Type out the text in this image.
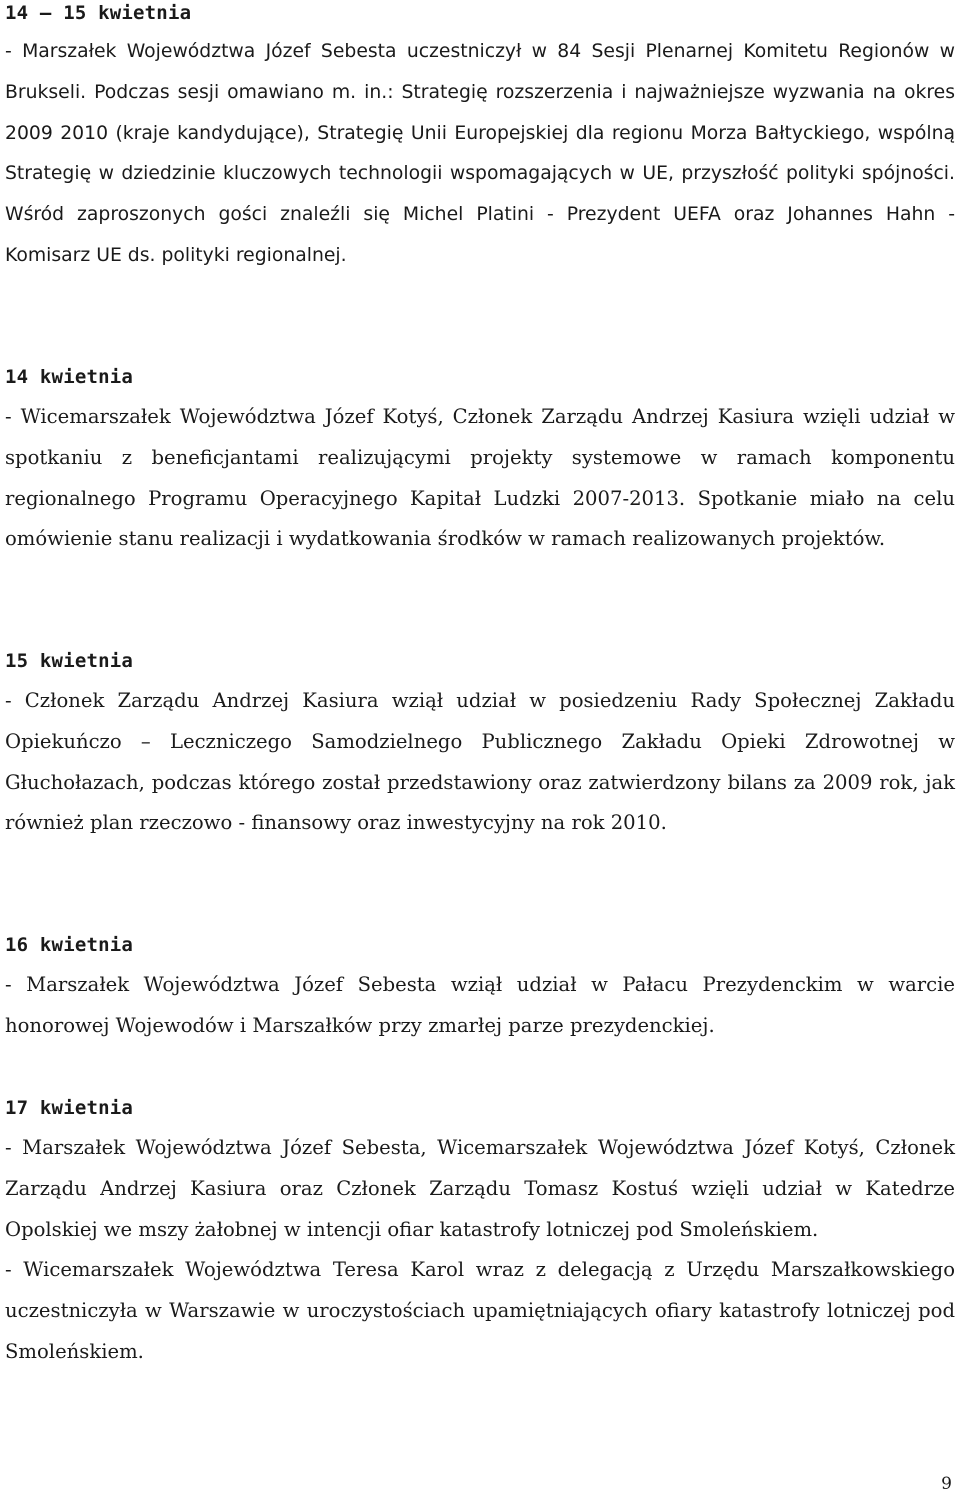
14 – 15 kwietnia

- Marszałek Województwa Józef Sebesta uczestniczył w 84 Sesji Plenarnej Komitetu Regionów w Brukseli. Podczas sesji omawiano m. in.: Strategię rozszerzenia i najważniejsze wyzwania na okres 2009 2010 (kraje kandydujące), Strategię Unii Europejskiej dla regionu Morza Bałtyckiego, wspólną Strategię w dziedzinie kluczowych technologii wspomagających w UE, przyszłość polityki spójności. Wśród zaproszonych gości znaleźli się Michel Platini - Prezydent UEFA oraz Johannes Hahn - Komisarz UE ds. polityki regionalnej.

14 kwietnia

- Wicemarszałek Województwa Józef Kotyś, Członek Zarządu Andrzej Kasiura wzięli udział w spotkaniu z beneficjantami realizującymi projekty systemowe w ramach komponentu regionalnego Programu Operacyjnego Kapitał Ludzki 2007-2013. Spotkanie miało na celu omówienie stanu realizacji i wydatkowania środków w ramach realizowanych projektów.

15 kwietnia

- Członek Zarządu Andrzej Kasiura wziął udział w posiedzeniu Rady Społecznej Zakładu Opiekuńczo – Leczniczego Samodzielnego Publicznego Zakładu Opieki Zdrowotnej w Głuchołazach, podczas którego został przedstawiony oraz zatwierdzony bilans za 2009 rok, jak również plan rzeczowo - finansowy oraz inwestycyjny na rok 2010.

16 kwietnia

- Marszałek Województwa Józef Sebesta wziął udział w Pałacu Prezydenckim w warcie honorowej Wojewodów i Marszałków przy zmarłej parze prezydenckiej.

17 kwietnia

- Marszałek Województwa Józef Sebesta, Wicemarszałek Województwa Józef Kotyś, Członek Zarządu Andrzej Kasiura oraz Członek Zarządu Tomasz Kostuś wzięli udział w Katedrze Opolskiej we mszy żałobnej w intencji ofiar katastrofy lotniczej pod Smoleńskiem.

- Wicemarszałek Województwa Teresa Karol wraz z delegacją z Urzędu Marszałkowskiego uczestniczyła w Warszawie w uroczystościach upamiętniających ofiary katastrofy lotniczej pod Smoleńskiem.

9
